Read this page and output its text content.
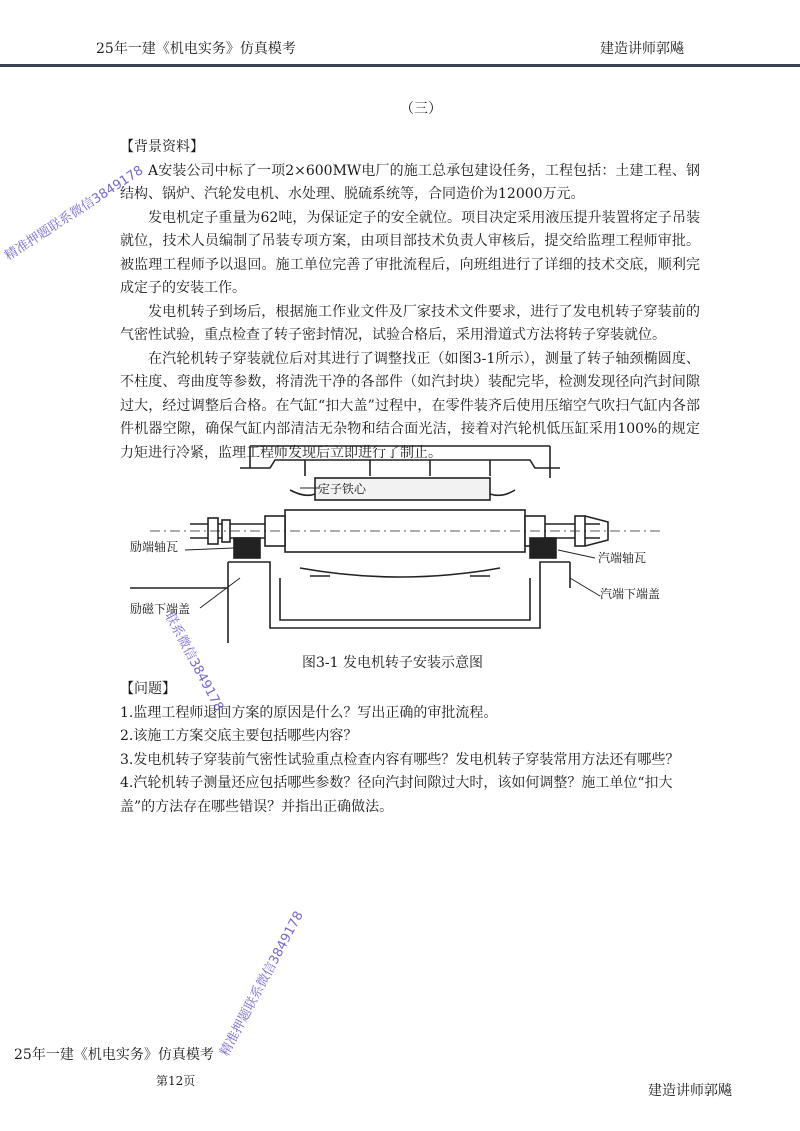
25年一建《机电实务》仿真模考	建造讲师郭飚
（三）
【背景资料】

A安装公司中标了一项2×600MW电厂的施工总承包建设任务，工程包括：土建工程、钢结构、锅炉、汽轮发电机、水处理、脱硫系统等，合同造价为12000万元。

发电机定子重量为62吨，为保证定子的安全就位。项目决定采用液压提升装置将定子吊装就位，技术人员编制了吊装专项方案，由项目部技术负责人审核后，提交给监理工程师审批。被监理工程师予以退回。施工单位完善了审批流程后，向班组进行了详细的技术交底，顺利完成定子的安装工作。

发电机转子到场后，根据施工作业文件及厂家技术文件要求，进行了发电机转子穿装前的气密性试验，重点检查了转子密封情况，试验合格后，采用滑道式方法将转子穿装就位。

在汽轮机转子穿装就位后对其进行了调整找正（如图3-1所示），测量了转子轴颈椭圆度、不柱度、弯曲度等参数，将清洗干净的各部件（如汽封块）装配完毕，检测发现径向汽封间隙过大，经过调整后合格。在气缸“扣大盖”过程中，在零件装齐后使用压缩空气吹扫气缸内各部件机器空隙，确保气缸内部清洁无杂物和结合面光洁，接着对汽轮机低压缸采用100%的规定力矩进行冷紧，监理工程师发现后立即进行了制止。

定子铁心
励端轴瓦
汽端轴瓦
励磁下端盖
汽端下端盖
图3-1 发电机转子安装示意图
【问题】

1.监理工程师退回方案的原因是什么？写出正确的审批流程。

2.该施工方案交底主要包括哪些内容？

3.发电机转子穿装前气密性试验重点检查内容有哪些？发电机转子穿装常用方法还有哪些？

4.汽轮机转子测量还应包括哪些参数？径向汽封间隙过大时，该如何调整？施工单位“扣大盖”的方法存在哪些错误？并指出正确做法。

25年一建《机电实务》仿真模考
第12页
建造讲师郭飚
精准押题联系微信3849178
联系微信3849178
精准押题联系微信3849178
